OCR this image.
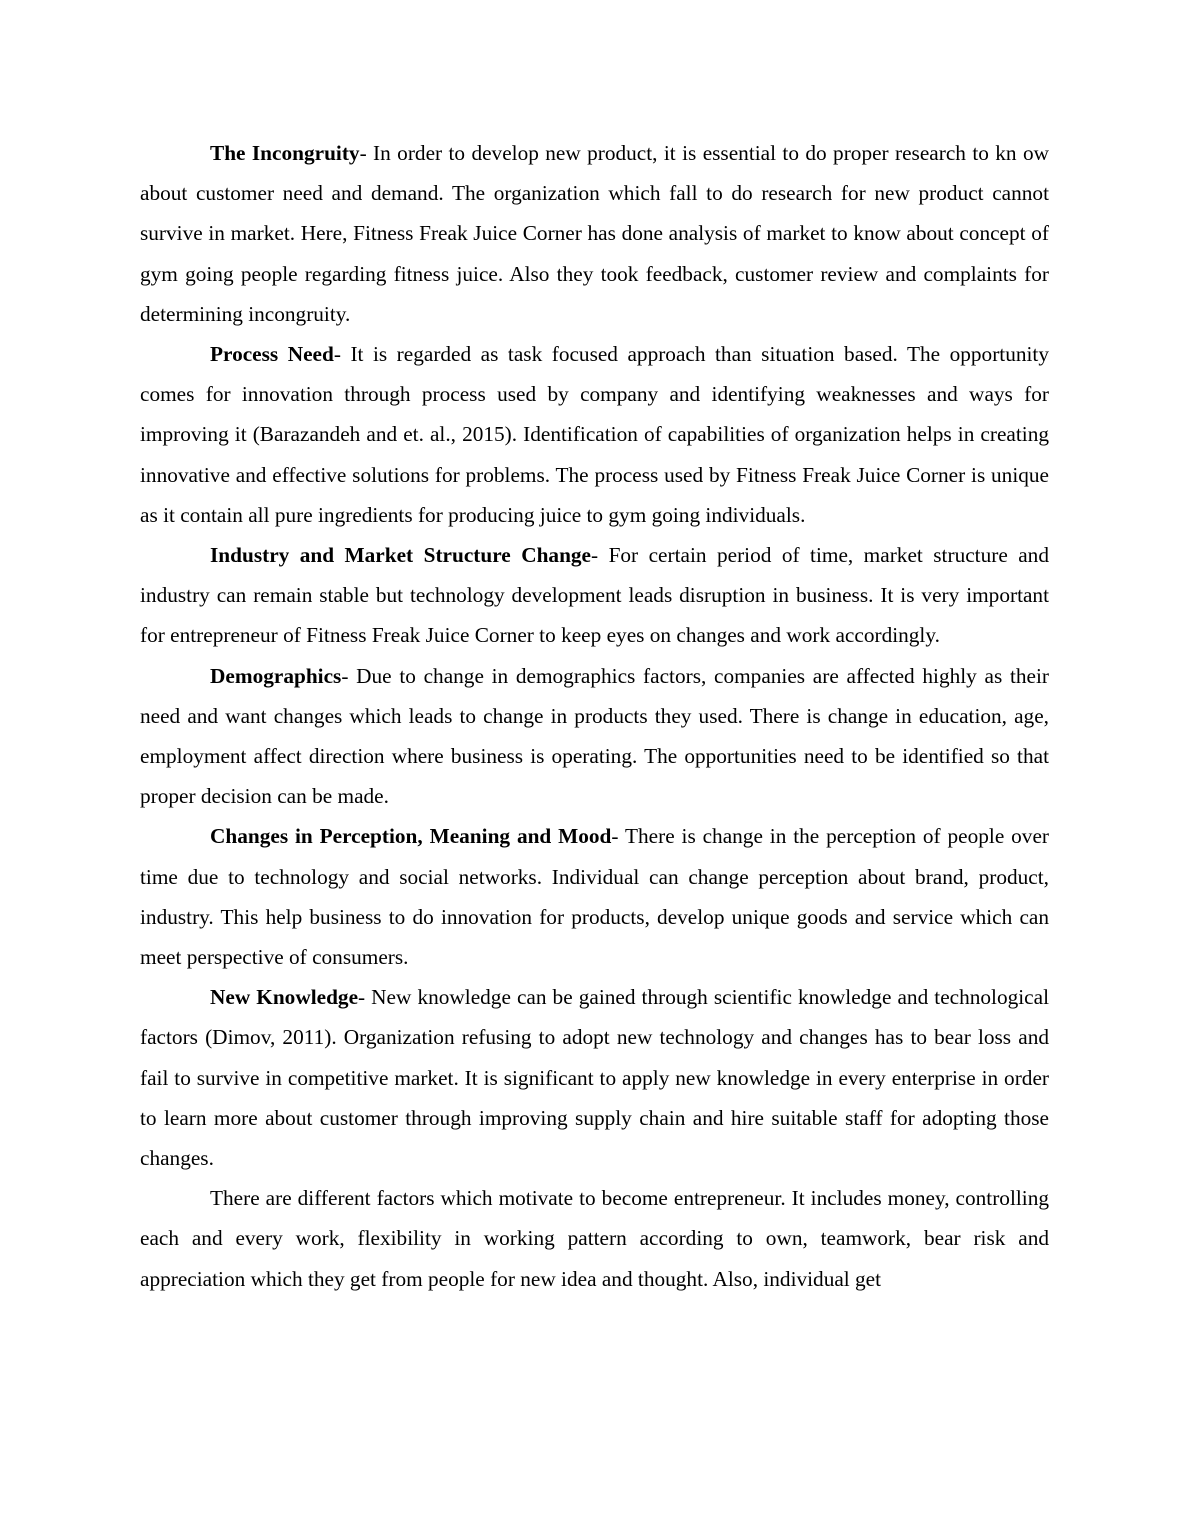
The Incongruity- In order to develop new product, it is essential to do proper research to kn ow about customer need and demand. The organization which fall to do research for new product cannot survive in market. Here, Fitness Freak Juice Corner has done analysis of market to know about concept of gym going people regarding fitness juice. Also they took feedback, customer review and complaints for determining incongruity.

Process Need- It is regarded as task focused approach than situation based. The opportunity comes for innovation through process used by company and identifying weaknesses and ways for improving it (Barazandeh and et. al., 2015). Identification of capabilities of organization helps in creating innovative and effective solutions for problems. The process used by Fitness Freak Juice Corner is unique as it contain all pure ingredients for producing juice to gym going individuals.

Industry and Market Structure Change- For certain period of time, market structure and industry can remain stable but technology development leads disruption in business. It is very important for entrepreneur of Fitness Freak Juice Corner to keep eyes on changes and work accordingly.

Demographics- Due to change in demographics factors, companies are affected highly as their need and want changes which leads to change in products they used. There is change in education, age, employment affect direction where business is operating. The opportunities need to be identified so that proper decision can be made.

Changes in Perception, Meaning and Mood- There is change in the perception of people over time due to technology and social networks. Individual can change perception about brand, product, industry. This help business to do innovation for products, develop unique goods and service which can meet perspective of consumers.

New Knowledge- New knowledge can be gained through scientific knowledge and technological factors (Dimov, 2011). Organization refusing to adopt new technology and changes has to bear loss and fail to survive in competitive market. It is significant to apply new knowledge in every enterprise in order to learn more about customer through improving supply chain and hire suitable staff for adopting those changes.

There are different factors which motivate to become entrepreneur. It includes money, controlling each and every work, flexibility in working pattern according to own, teamwork, bear risk and appreciation which they get from people for new idea and thought. Also, individual get
